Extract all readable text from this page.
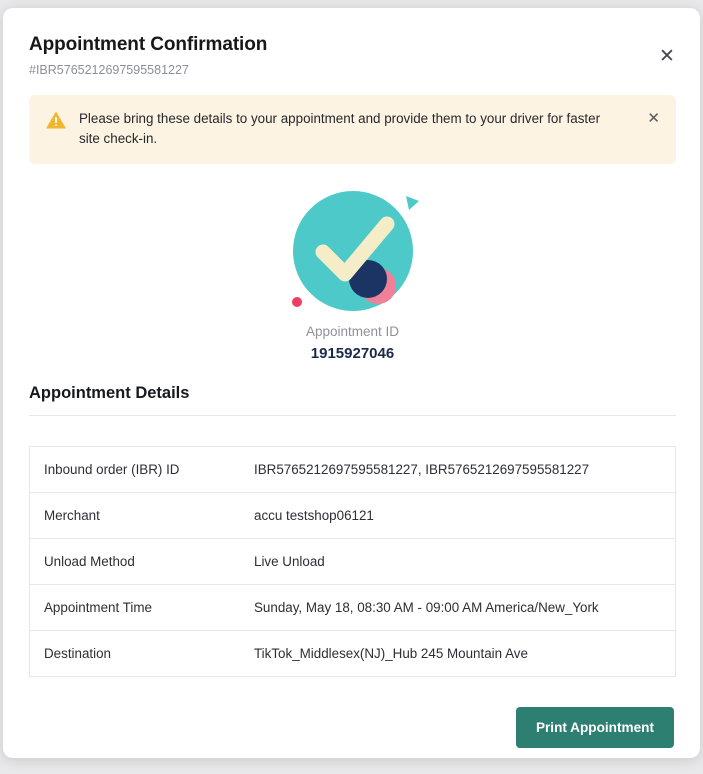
Appointment Confirmation
#IBR5765212697595581227
✕
Please bring these details to your appointment and provide them to your driver for faster site check-in.
✕
Appointment ID
1915927046
Appointment Details
Inbound order (IBR) ID	IBR5765212697595581227, IBR5765212697595581227
Merchant	accu testshop06121
Unload Method	Live Unload
Appointment Time	Sunday, May 18, 08:30 AM - 09:00 AM America/New_York
Destination	TikTok_Middlesex(NJ)_Hub 245 Mountain Ave
Print Appointment
